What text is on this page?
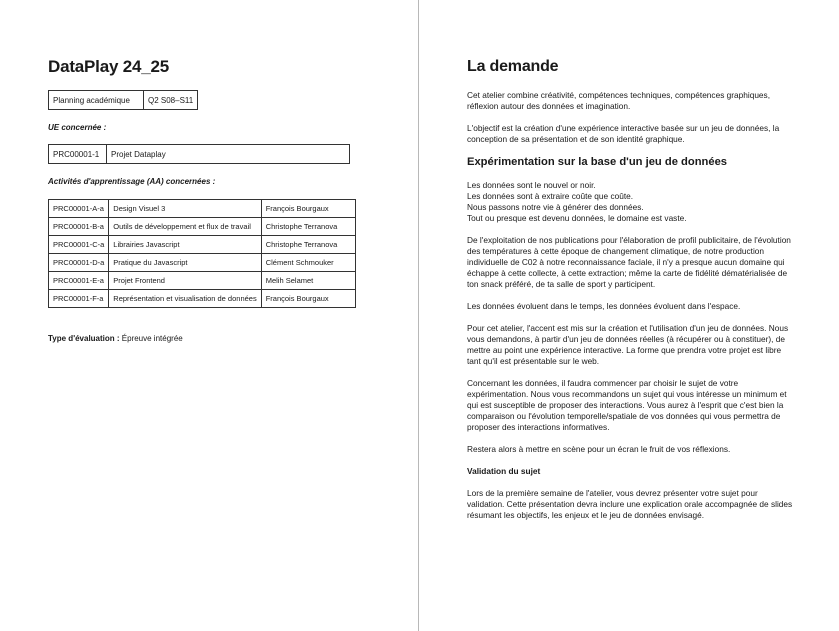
DataPlay 24_25
Planning académique	Q2 S08–S11

UE concernée :

PRC00001-1	Projet Dataplay

Activités d'apprentissage (AA) concernées :

PRC00001-A-a	Design Visuel 3	François Bourgaux
PRC00001-B-a	Outils de développement et flux de travail	Christophe Terranova
PRC00001-C-a	Librairies Javascript	Christophe Terranova
PRC00001-D-a	Pratique du Javascript	Clément Schmouker
PRC00001-E-a	Projet Frontend	Melih Selamet
PRC00001-F-a	Représentation et visualisation de données	François Bourgaux

Type d'évaluation : Épreuve intégrée

La demande

Cet atelier combine créativité, compétences techniques, compétences graphiques, réflexion autour des données et imagination.

L'objectif est la création d'une expérience interactive basée sur un jeu de données, la conception de sa présentation et de son identité graphique.

Expérimentation sur la base d'un jeu de données

Les données sont le nouvel or noir.
Les données sont à extraire coûte que coûte.
Nous passons notre vie à générer des données.
Tout ou presque est devenu données, le domaine est vaste.

De l'exploitation de nos publications pour l'élaboration de profil publicitaire, de l'évolution des températures à cette époque de changement climatique, de notre production individuelle de C02 à notre reconnaissance faciale, il n'y a presque aucun domaine qui échappe à cette collecte, à cette extraction; même la carte de fidélité dématérialisée de ton snack préféré, de ta salle de sport y participent.

Les données évoluent dans le temps, les données évoluent dans l'espace.

Pour cet atelier, l'accent est mis sur la création et l'utilisation d'un jeu de données. Nous vous demandons, à partir d'un jeu de données réelles (à récupérer ou à constituer), de mettre au point une expérience interactive. La forme que prendra votre projet est libre tant qu'il est présentable sur le web.

Concernant les données, il faudra commencer par choisir le sujet de votre expérimentation. Nous vous recommandons un sujet qui vous intéresse un minimum et qui est susceptible de proposer des interactions. Vous aurez à l'esprit que c'est bien la comparaison ou l'évolution temporelle/spatiale de vos données qui vous permettra de proposer des interactions informatives.

Restera alors à mettre en scène pour un écran le fruit de vos réflexions.

Validation du sujet

Lors de la première semaine de l'atelier, vous devrez présenter votre sujet pour validation. Cette présentation devra inclure une explication orale accompagnée de slides résumant les objectifs, les enjeux et le jeu de données envisagé.
